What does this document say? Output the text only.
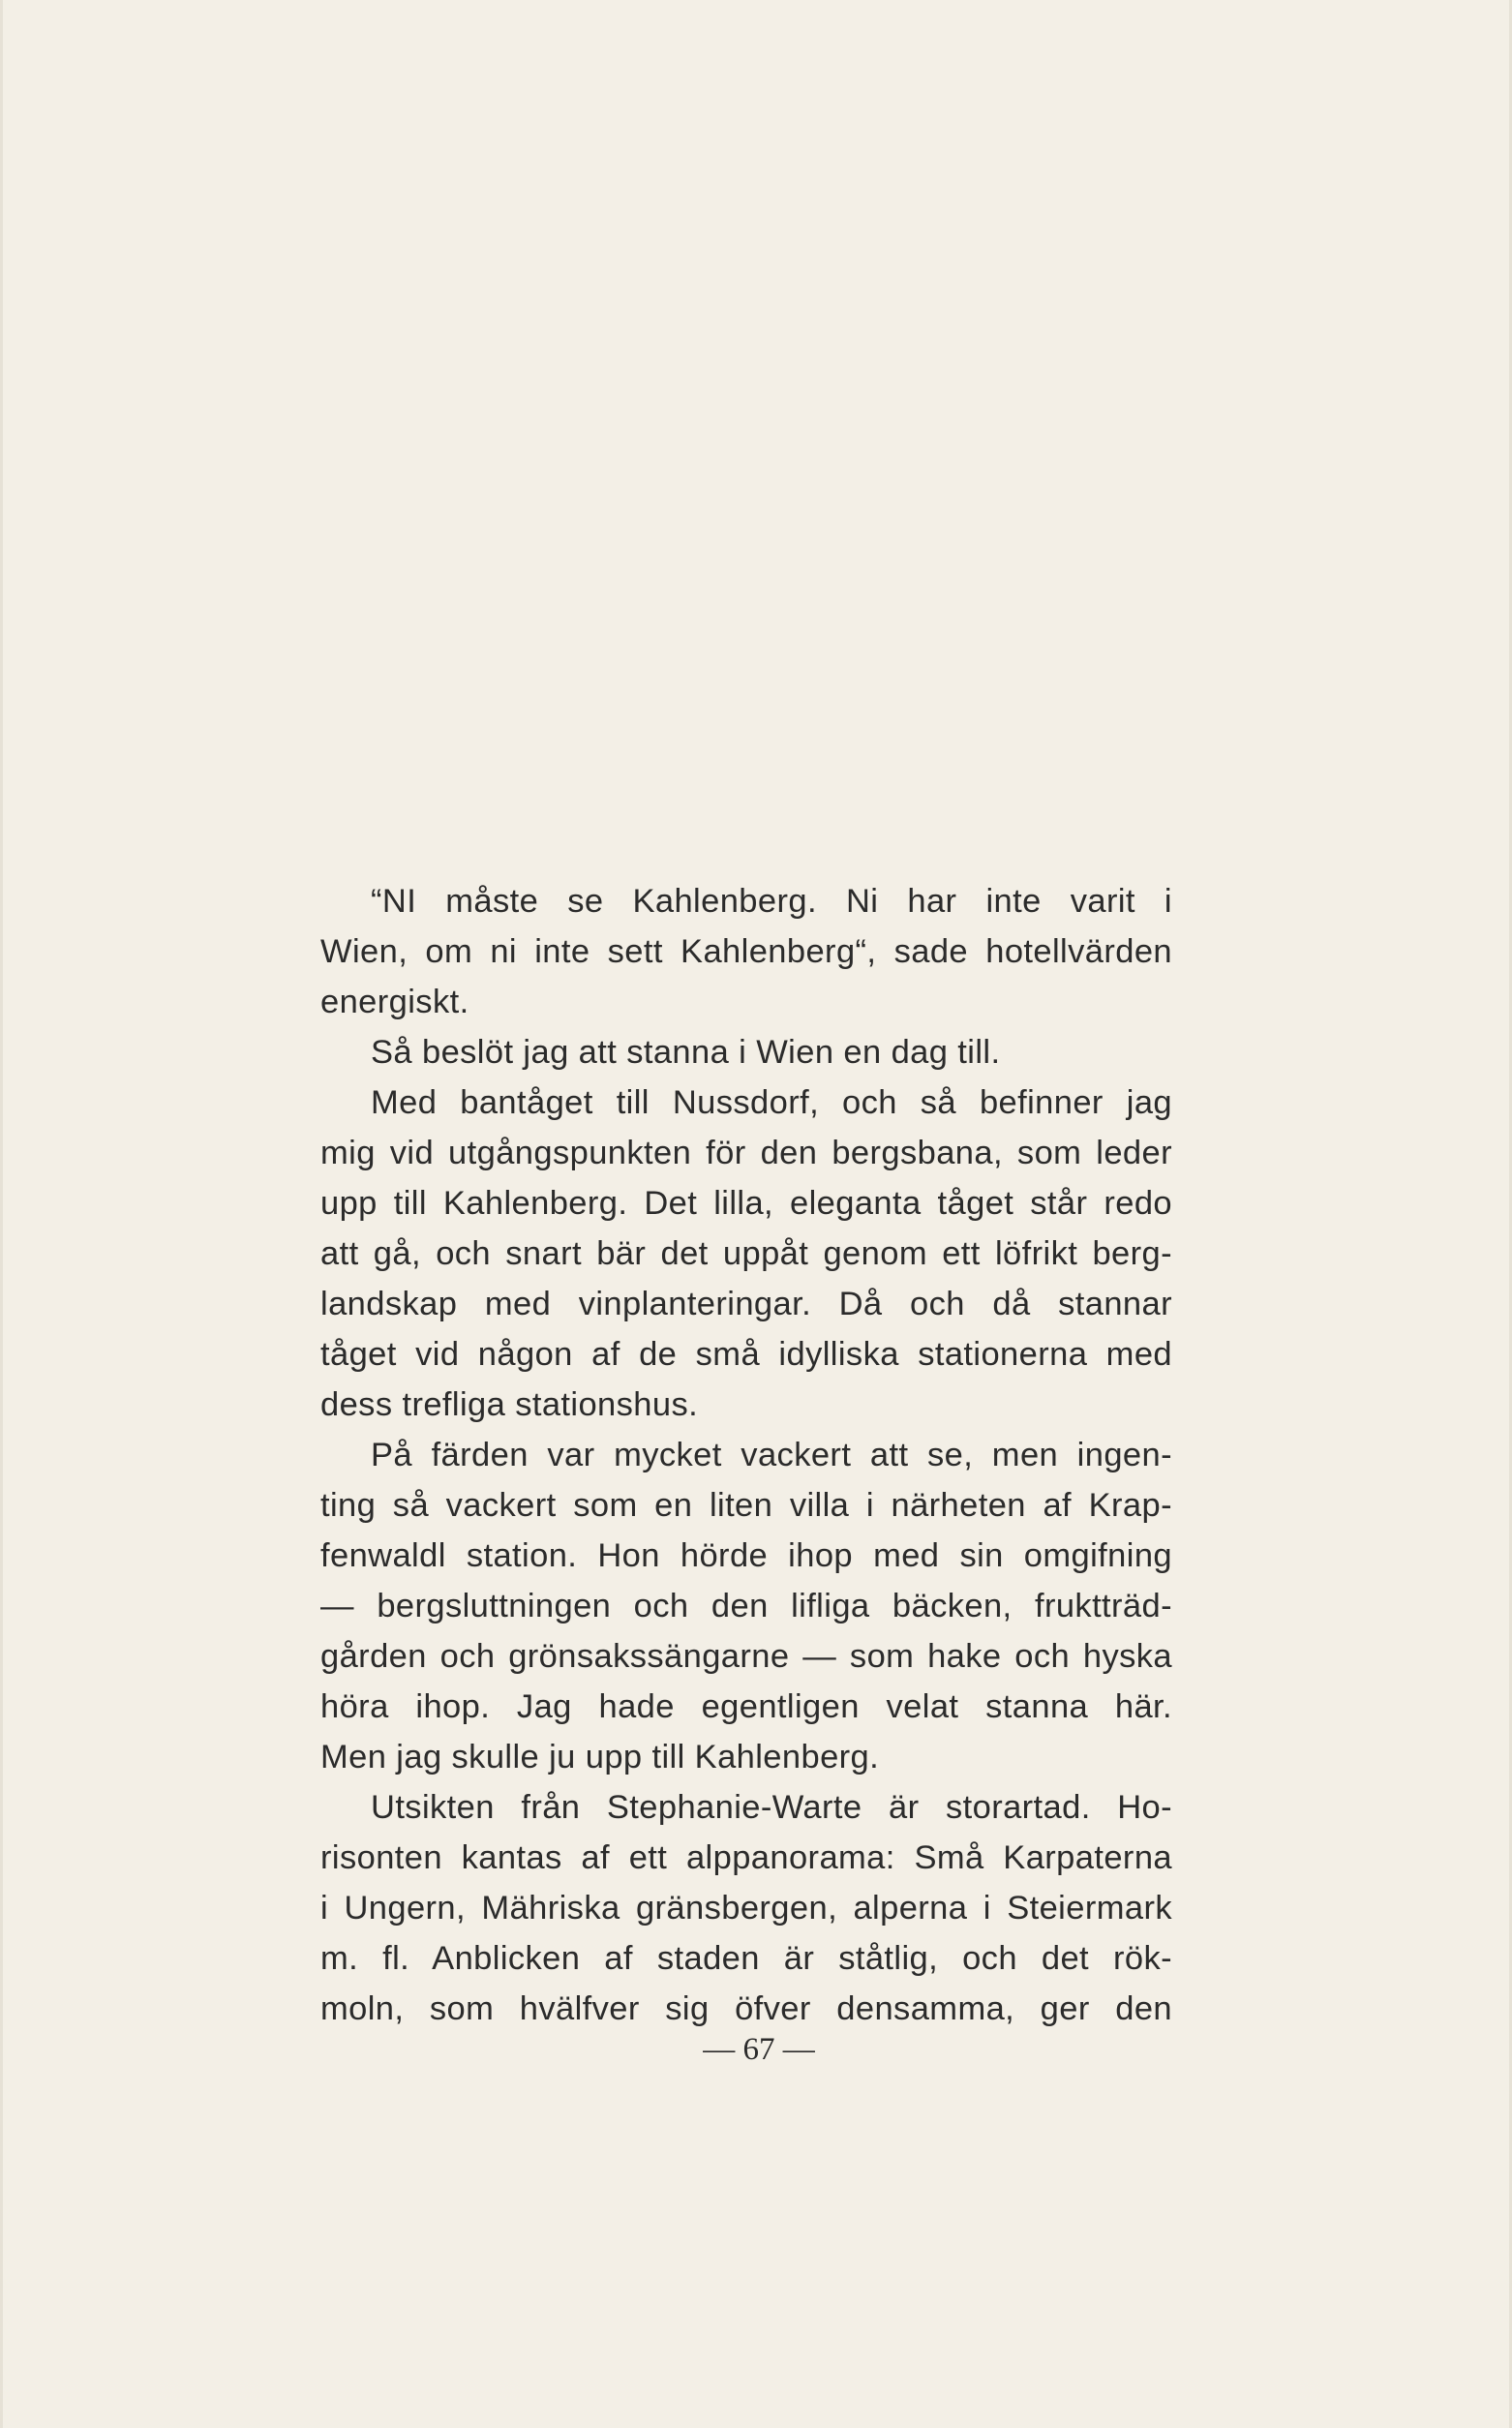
“NI måste se Kahlenberg. Ni har inte varit i
Wien, om ni inte sett Kahlenberg“, sade hotellvärden
energiskt.
Så beslöt jag att stanna i Wien en dag till.
Med bantåget till Nussdorf, och så befinner jag
mig vid utgångspunkten för den bergsbana, som leder
upp till Kahlenberg. Det lilla, eleganta tåget står redo
att gå, och snart bär det uppåt genom ett löfrikt berg-
landskap med vinplanteringar. Då och då stannar
tåget vid någon af de små idylliska stationerna med
dess trefliga stationshus.
På färden var mycket vackert att se, men ingen-
ting så vackert som en liten villa i närheten af Krap-
fenwaldl station. Hon hörde ihop med sin omgifning
— bergsluttningen och den lifliga bäcken, fruktträd-
gården och grönsakssängarne — som hake och hyska
höra ihop. Jag hade egentligen velat stanna här.
Men jag skulle ju upp till Kahlenberg.
Utsikten från Stephanie-Warte är storartad. Ho-
risonten kantas af ett alppanorama: Små Karpaterna
i Ungern, Mähriska gränsbergen, alperna i Steiermark
m. fl. Anblicken af staden är ståtlig, och det rök-
moln, som hvälfver sig öfver densamma, ger den
— 67 —
